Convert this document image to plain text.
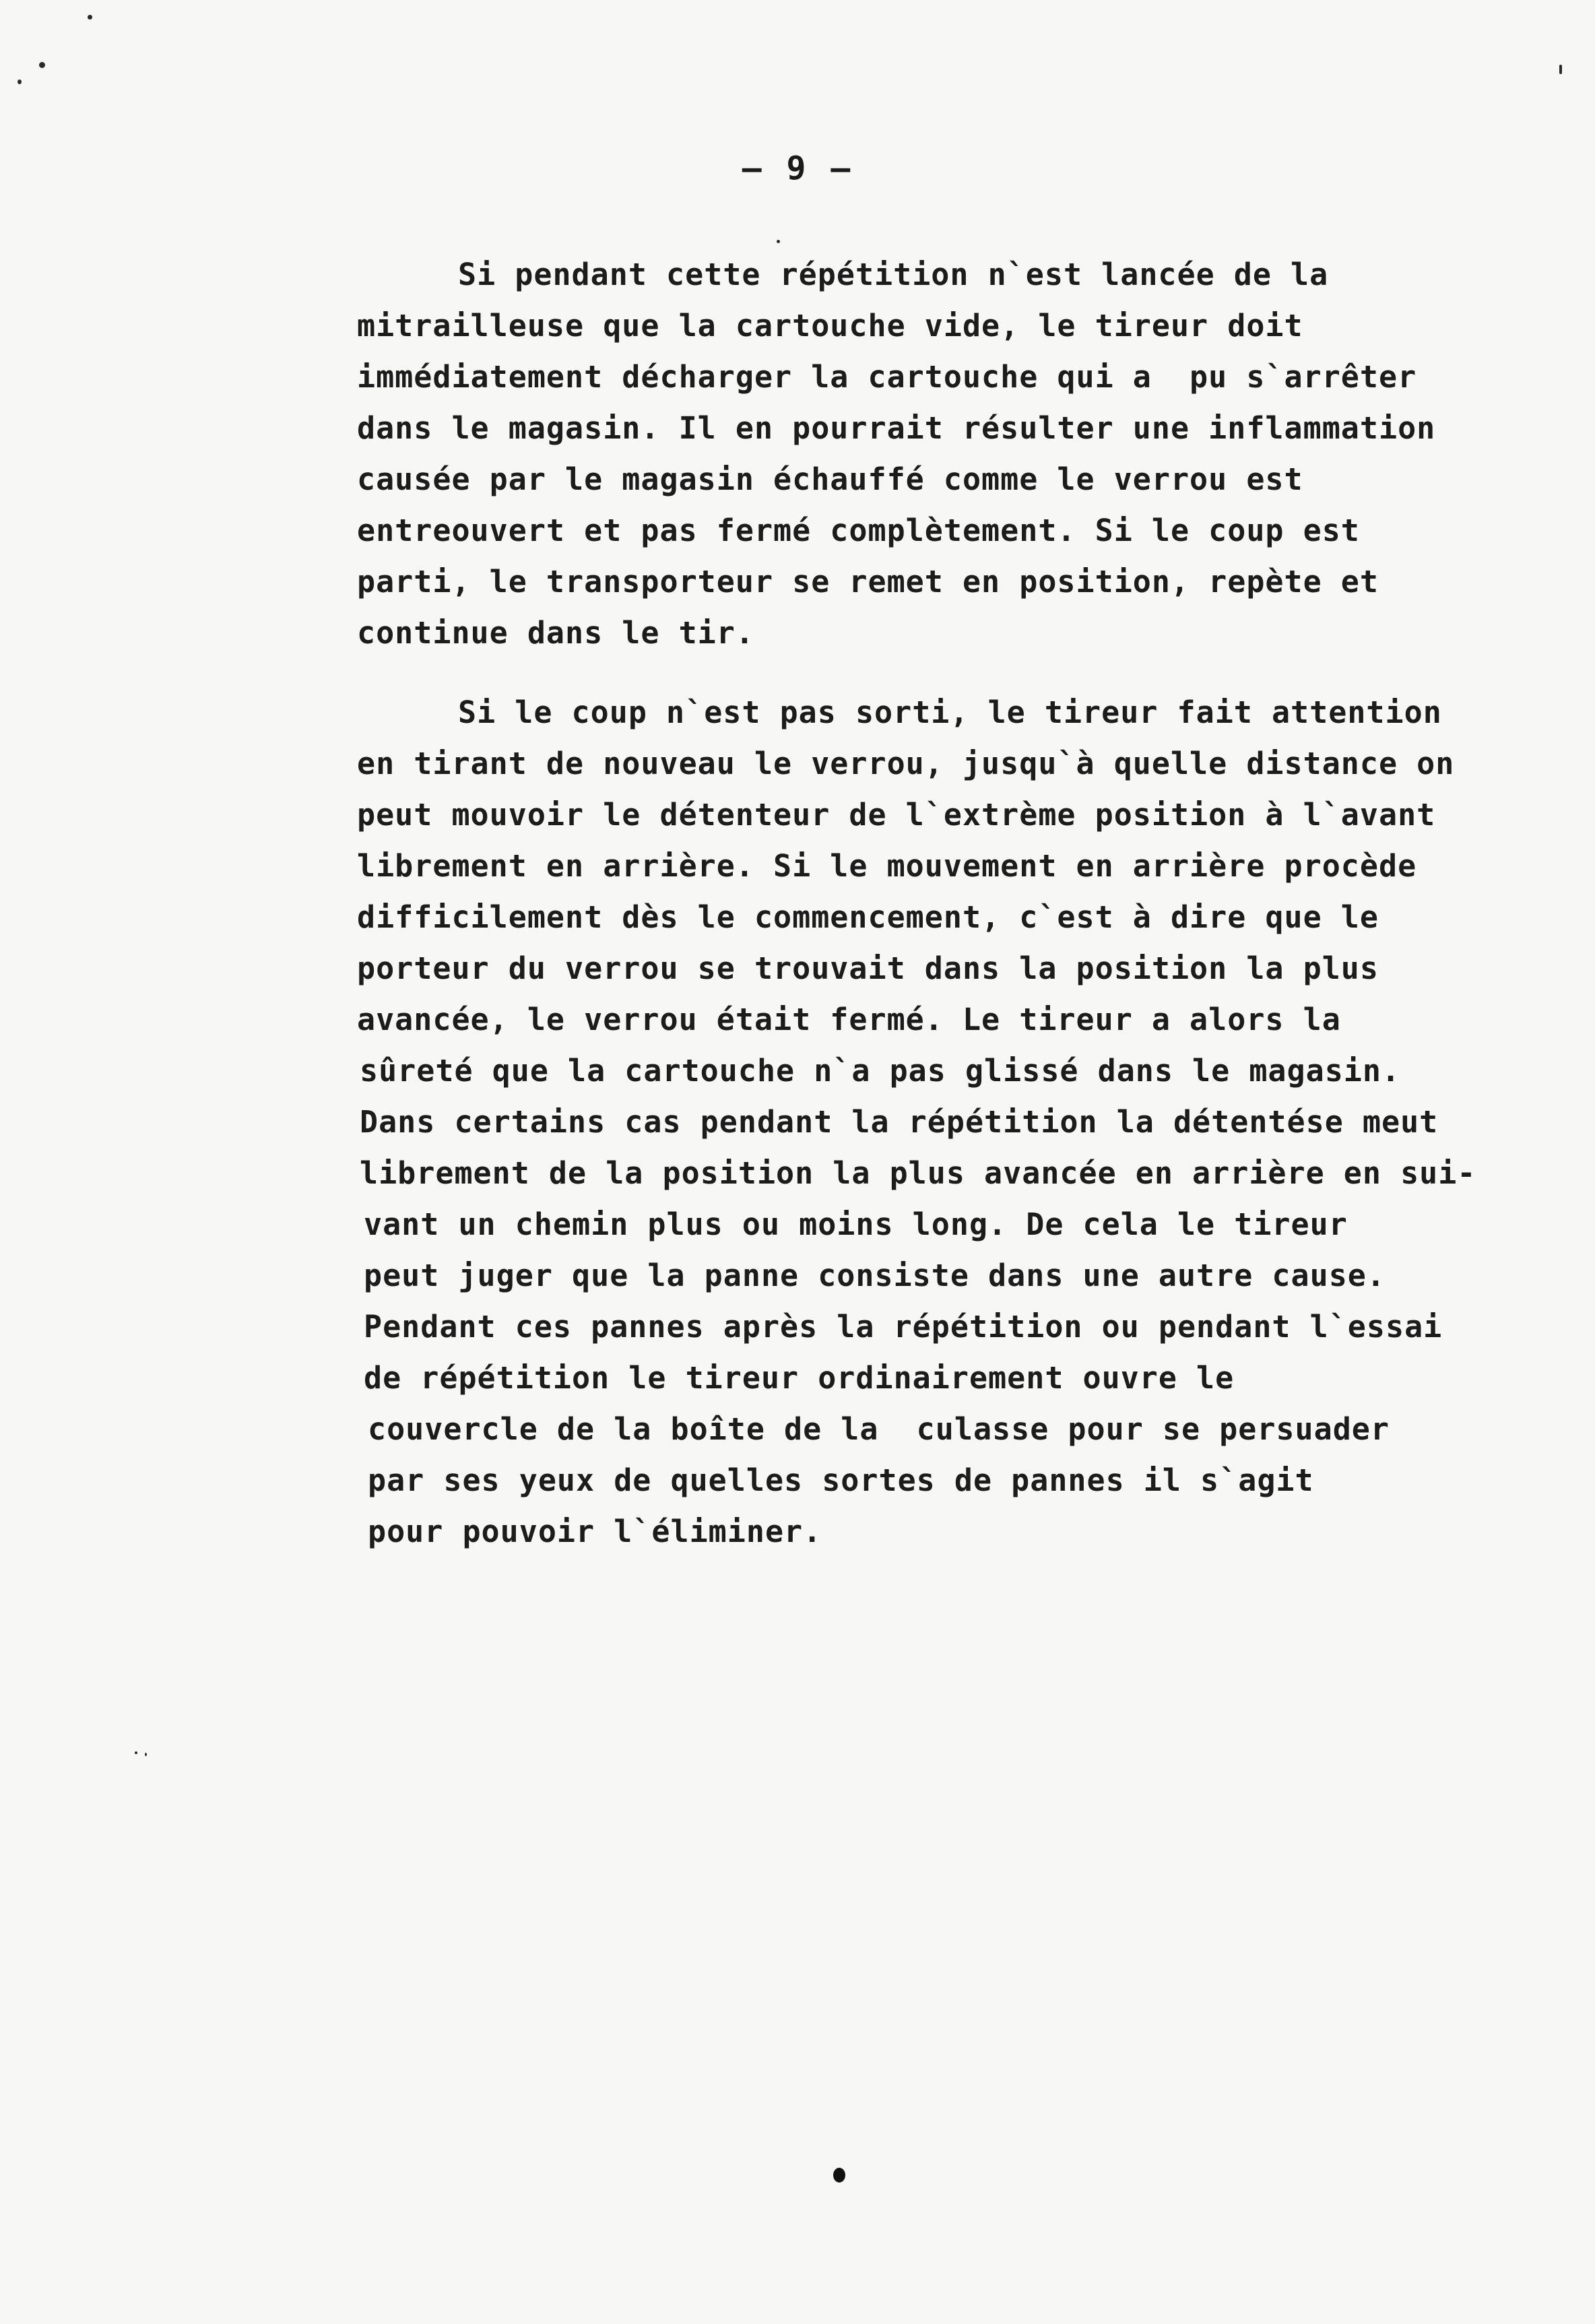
– 9 –
Si pendant cette répétition n`est lancée de la
mitrailleuse que la cartouche vide, le tireur doit
immédiatement décharger la cartouche qui a  pu s`arrêter
dans le magasin. Il en pourrait résulter une inflammation
causée par le magasin échauffé comme le verrou est
entreouvert et pas fermé complètement. Si le coup est
parti, le transporteur se remet en position, repète et
continue dans le tir.
Si le coup n`est pas sorti, le tireur fait attention
en tirant de nouveau le verrou, jusqu`à quelle distance on
peut mouvoir le détenteur de l`extrème position à l`avant
librement en arrière. Si le mouvement en arrière procède
difficilement dès le commencement, c`est à dire que le
porteur du verrou se trouvait dans la position la plus
avancée, le verrou était fermé. Le tireur a alors la
sûreté que la cartouche n`a pas glissé dans le magasin.
Dans certains cas pendant la répétition la détentése meut
librement de la position la plus avancée en arrière en sui-
vant un chemin plus ou moins long. De cela le tireur
peut juger que la panne consiste dans une autre cause.
Pendant ces pannes après la répétition ou pendant l`essai
de répétition le tireur ordinairement ouvre le
couvercle de la boîte de la  culasse pour se persuader
par ses yeux de quelles sortes de pannes il s`agit
pour pouvoir l`éliminer.
